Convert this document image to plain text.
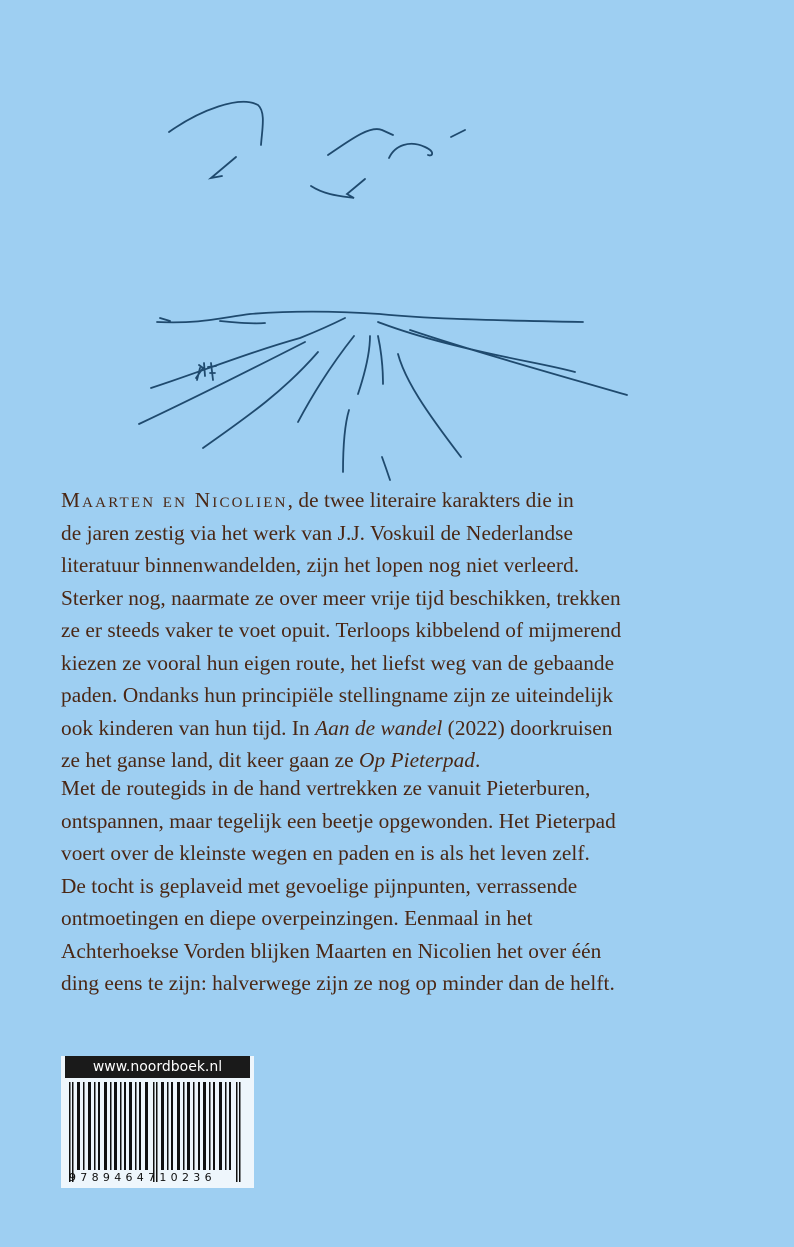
Maarten en Nicolien, de twee literaire karakters die in
de jaren zestig via het werk van J.J. Voskuil de Nederlandse
literatuur binnenwandelden, zijn het lopen nog niet verleerd.
Sterker nog, naarmate ze over meer vrije tijd beschikken, trekken
ze er steeds vaker te voet opuit. Terloops kibbelend of mijmerend
kiezen ze vooral hun eigen route, het liefst weg van de gebaande
paden. Ondanks hun principiële stellingname zijn ze uiteindelijk
ook kinderen van hun tijd. In Aan de wandel (2022) doorkruisen
ze het ganse land, dit keer gaan ze Op Pieterpad.
Met de routegids in de hand vertrekken ze vanuit Pieterburen,
ontspannen, maar tegelijk een beetje opgewonden. Het Pieterpad
voert over de kleinste wegen en paden en is als het leven zelf.
De tocht is geplaveid met gevoelige pijnpunten, verrassende
ontmoetingen en diepe overpeinzingen. Eenmaal in het
Achterhoekse Vorden blijken Maarten en Nicolien het over één
ding eens te zijn: halverwege zijn ze nog op minder dan de helft.
www.noordboek.nl
9789464710236
